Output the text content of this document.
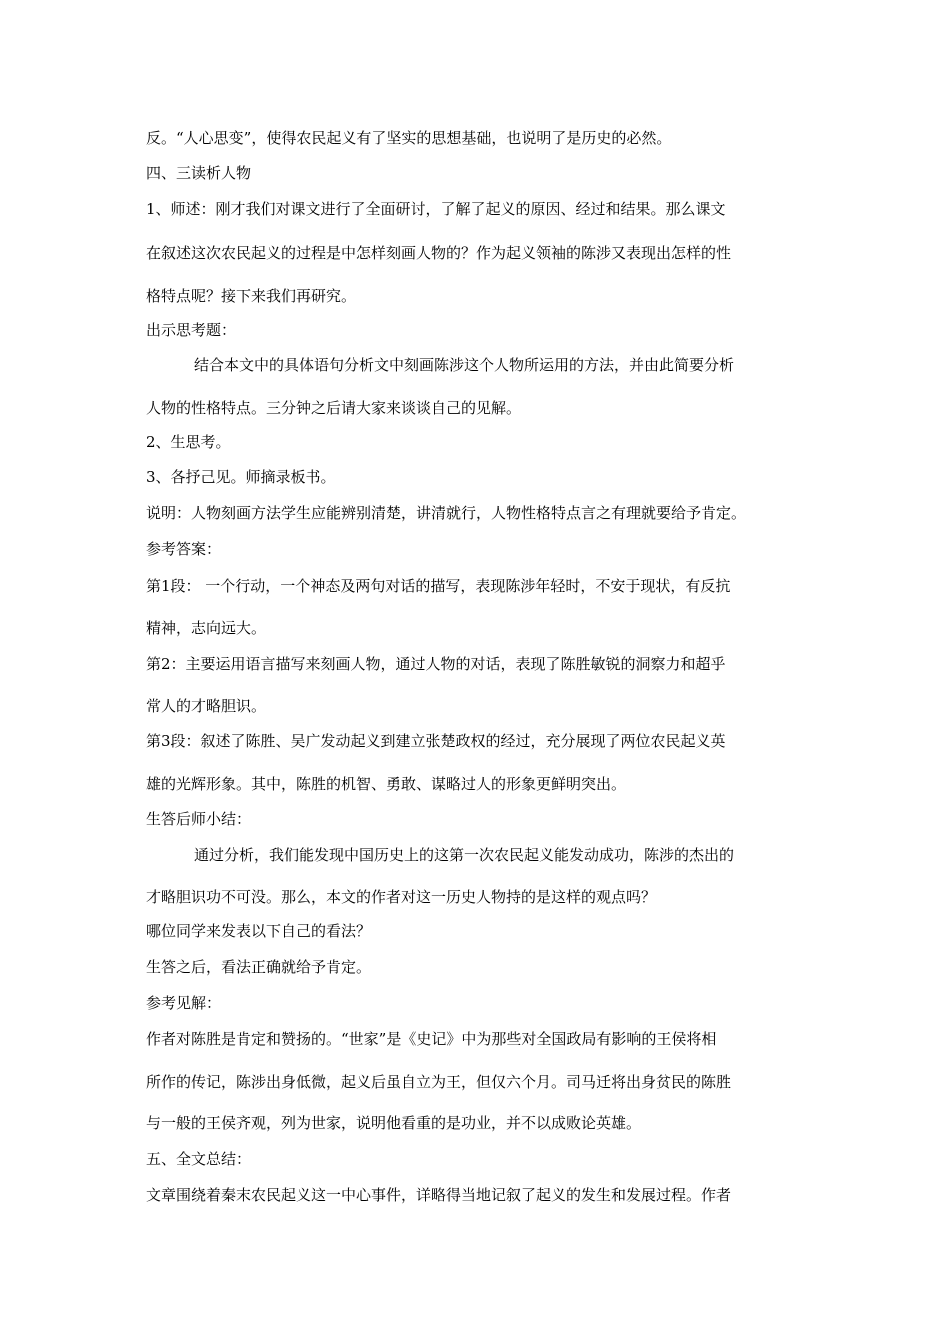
反。“人心思变”，使得农民起义有了坚实的思想基础，也说明了是历史的必然。
四、三读析人物
1、师述：刚才我们对课文进行了全面研讨，了解了起义的原因、经过和结果。那么课文
在叙述这次农民起义的过程是中怎样刻画人物的？作为起义领袖的陈涉又表现出怎样的性
格特点呢？接下来我们再研究。
出示思考题：
结合本文中的具体语句分析文中刻画陈涉这个人物所运用的方法，并由此简要分析
人物的性格特点。三分钟之后请大家来谈谈自己的见解。
2、生思考。
3、各抒己见。师摘录板书。
说明：人物刻画方法学生应能辨别清楚，讲清就行，人物性格特点言之有理就要给予肯定。
参考答案：
第1段： 一个行动，一个神态及两句对话的描写，表现陈涉年轻时，不安于现状，有反抗
精神，志向远大。
第2：主要运用语言描写来刻画人物，通过人物的对话，表现了陈胜敏锐的洞察力和超乎
常人的才略胆识。
第3段：叙述了陈胜、吴广发动起义到建立张楚政权的经过，充分展现了两位农民起义英
雄的光辉形象。其中，陈胜的机智、勇敢、谋略过人的形象更鲜明突出。
生答后师小结：
通过分析，我们能发现中国历史上的这第一次农民起义能发动成功，陈涉的杰出的
才略胆识功不可没。那么，本文的作者对这一历史人物持的是这样的观点吗？
哪位同学来发表以下自己的看法？
生答之后，看法正确就给予肯定。
参考见解：
作者对陈胜是肯定和赞扬的。“世家”是《史记》中为那些对全国政局有影响的王侯将相
所作的传记，陈涉出身低微，起义后虽自立为王，但仅六个月。司马迁将出身贫民的陈胜
与一般的王侯齐观，列为世家，说明他看重的是功业，并不以成败论英雄。
五、全文总结：
文章围绕着秦末农民起义这一中心事件，详略得当地记叙了起义的发生和发展过程。作者
